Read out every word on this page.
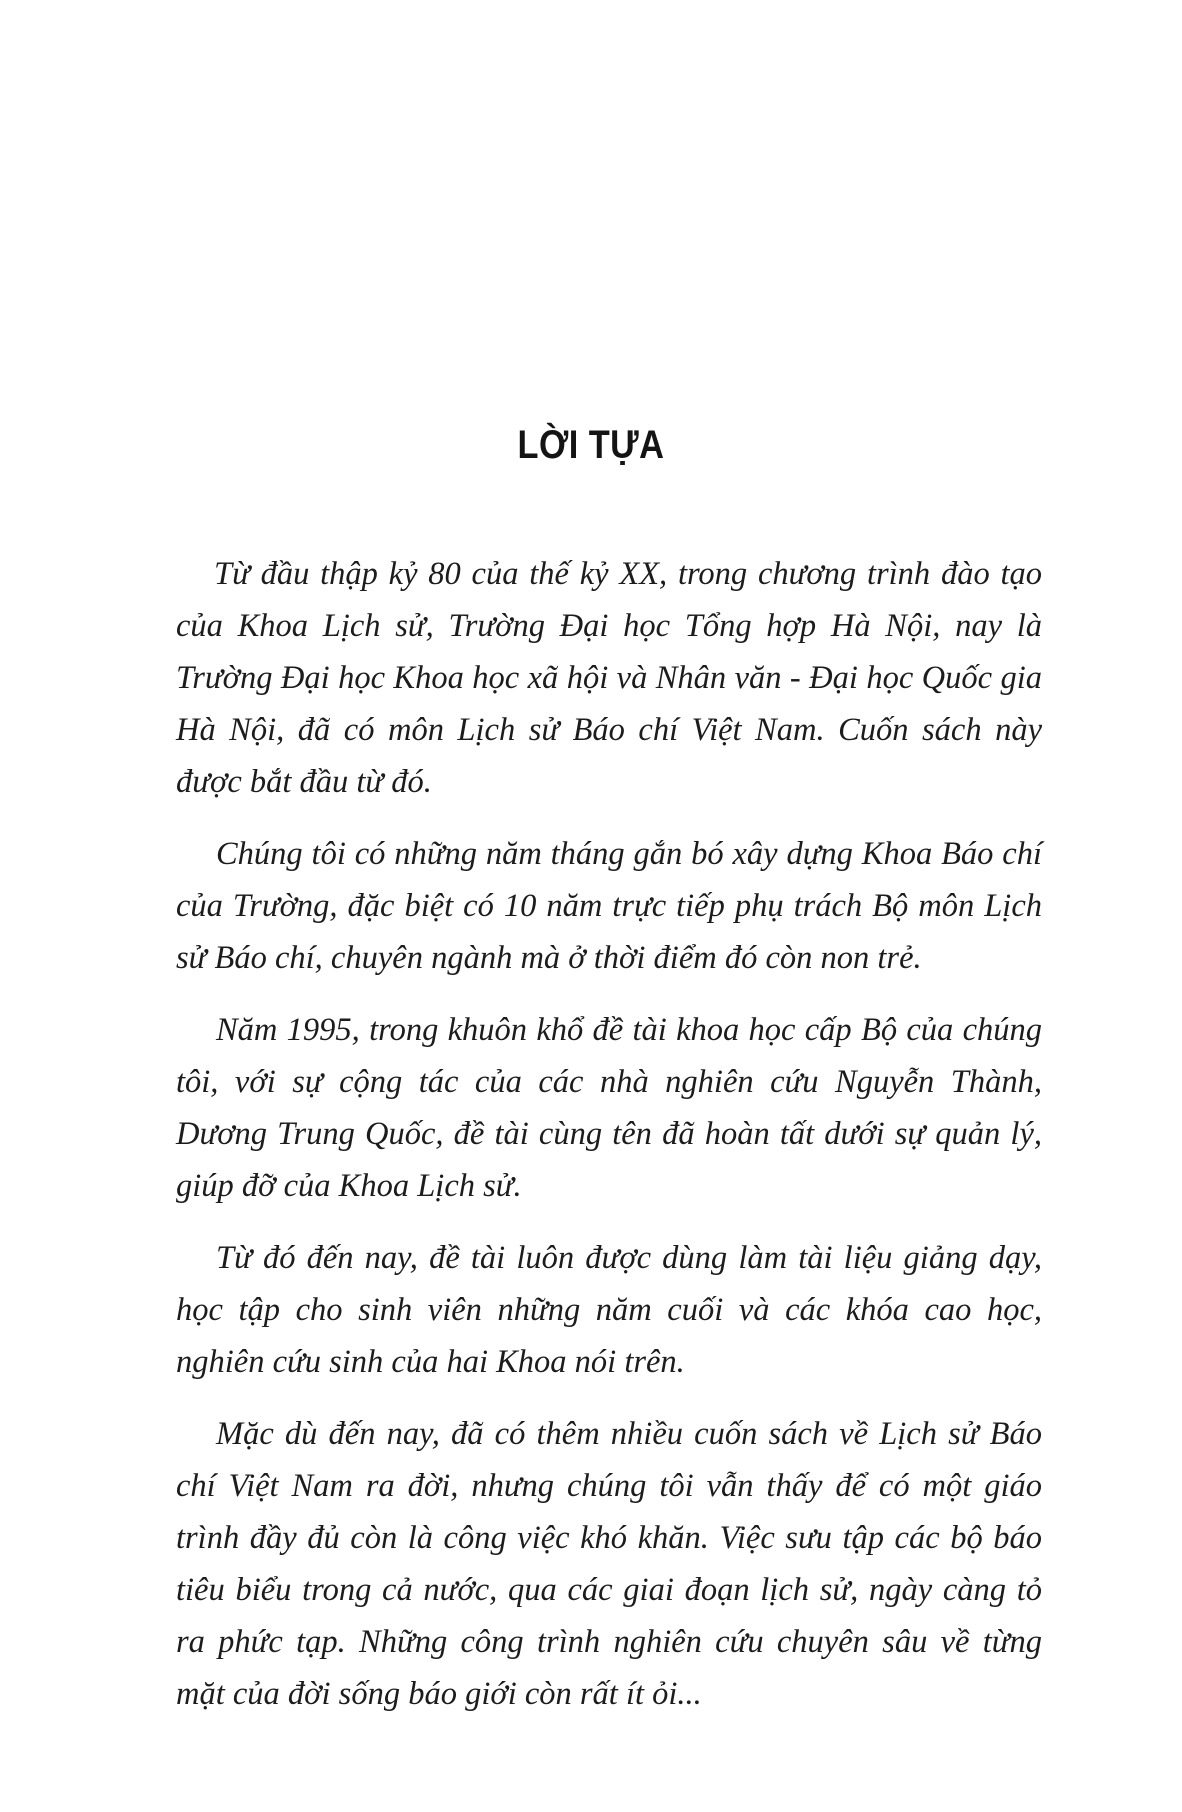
LỜI TỰA

Từ đầu thập kỷ 80 của thế kỷ XX, trong chương trình đào tạo của Khoa Lịch sử, Trường Đại học Tổng hợp Hà Nội, nay là Trường Đại học Khoa học xã hội và Nhân văn - Đại học Quốc gia Hà Nội, đã có môn Lịch sử Báo chí Việt Nam. Cuốn sách này được bắt đầu từ đó.

Chúng tôi có những năm tháng gắn bó xây dựng Khoa Báo chí của Trường, đặc biệt có 10 năm trực tiếp phụ trách Bộ môn Lịch sử Báo chí, chuyên ngành mà ở thời điểm đó còn non trẻ.

Năm 1995, trong khuôn khổ đề tài khoa học cấp Bộ của chúng tôi, với sự cộng tác của các nhà nghiên cứu Nguyễn Thành, Dương Trung Quốc, đề tài cùng tên đã hoàn tất dưới sự quản lý, giúp đỡ của Khoa Lịch sử.

Từ đó đến nay, đề tài luôn được dùng làm tài liệu giảng dạy, học tập cho sinh viên những năm cuối và các khóa cao học, nghiên cứu sinh của hai Khoa nói trên.

Mặc dù đến nay, đã có thêm nhiều cuốn sách về Lịch sử Báo chí Việt Nam ra đời, nhưng chúng tôi vẫn thấy để có một giáo trình đầy đủ còn là công việc khó khăn. Việc sưu tập các bộ báo tiêu biểu trong cả nước, qua các giai đoạn lịch sử, ngày càng tỏ ra phức tạp. Những công trình nghiên cứu chuyên sâu về từng mặt của đời sống báo giới còn rất ít ỏi...
